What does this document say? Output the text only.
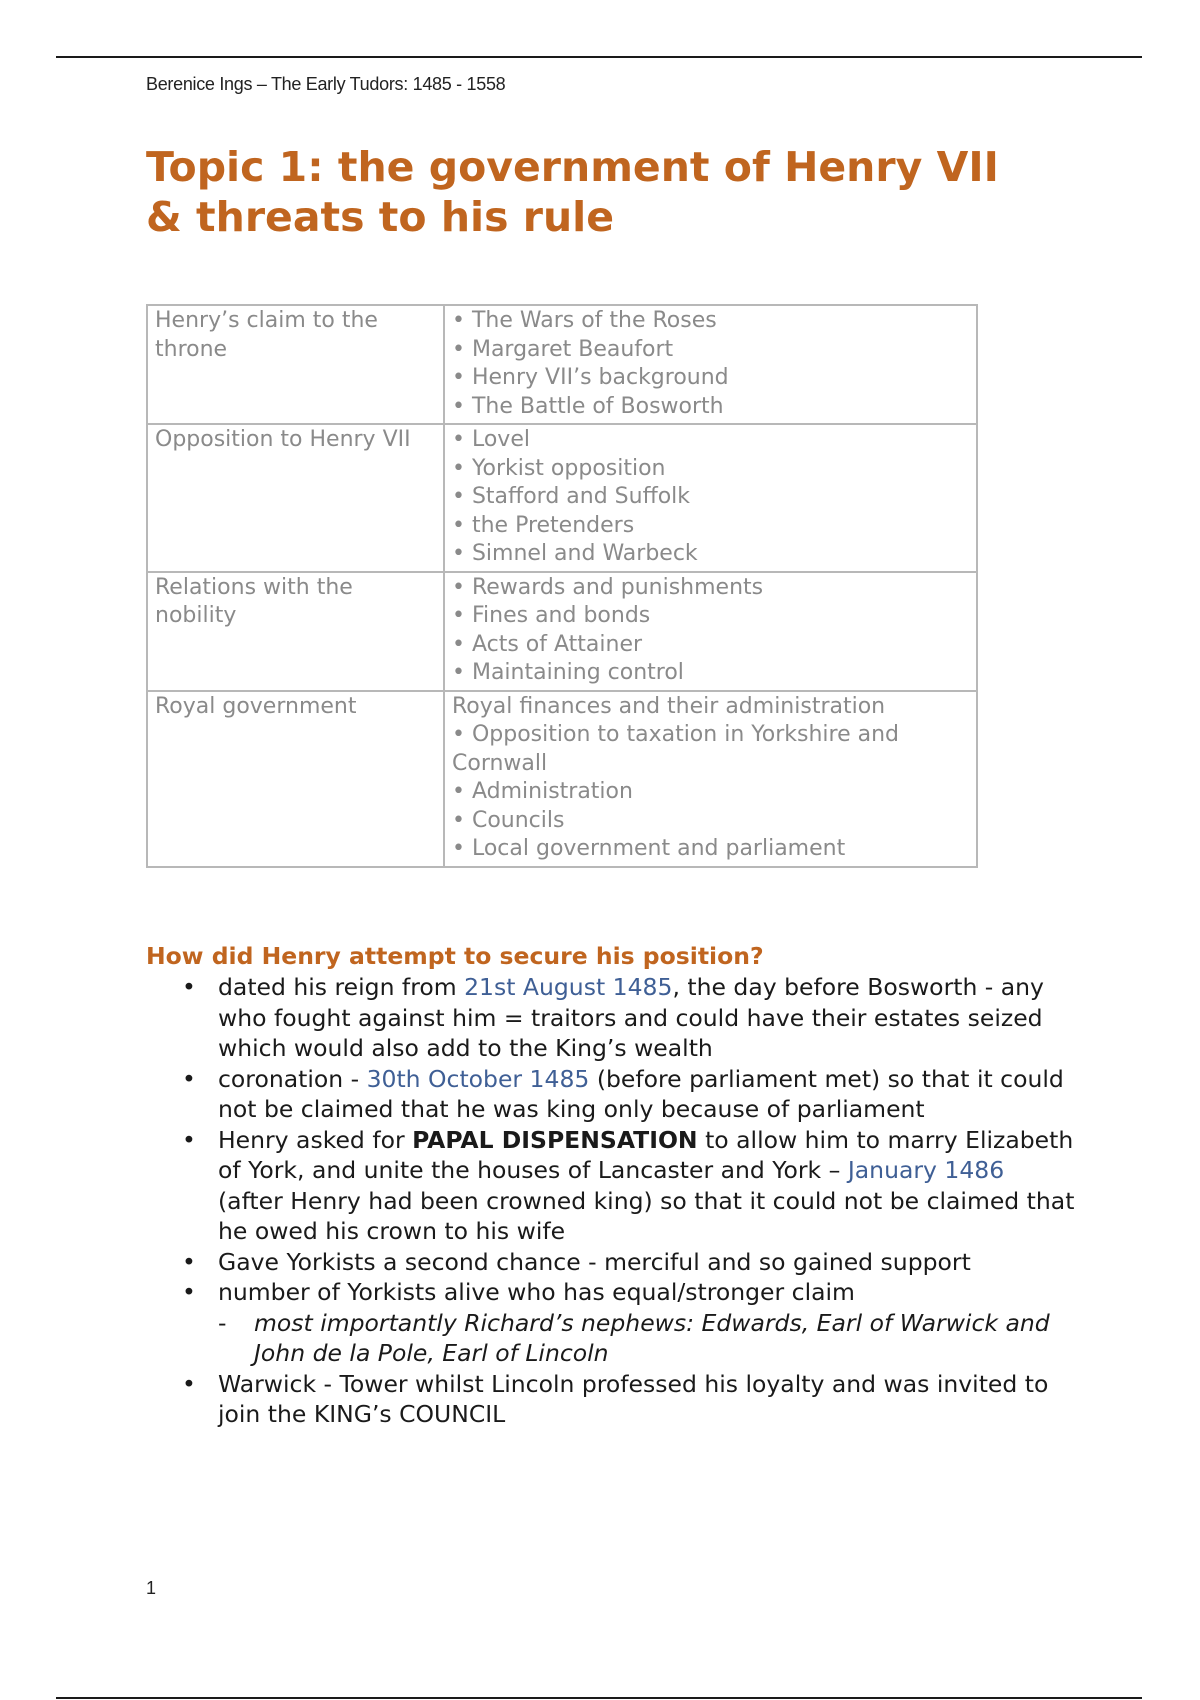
Berenice Ings – The Early Tudors: 1485 - 1558
Topic 1: the government of Henry VII
& threats to his rule
Henry’s claim to the
throne	• The Wars of the Roses
• Margaret Beaufort
• Henry VII’s background
• The Battle of Bosworth

Opposition to Henry VII	• Lovel
• Yorkist opposition
• Stafford and Suffolk
• the Pretenders
• Simnel and Warbeck

Relations with the
nobility	• Rewards and punishments
• Fines and bonds
• Acts of Attainer
• Maintaining control

Royal government	Royal finances and their administration
• Opposition to taxation in Yorkshire and
Cornwall
• Administration
• Councils
• Local government and parliament
How did Henry attempt to secure his position?
• dated his reign from 21st August 1485, the day before Bosworth - any who fought against him = traitors and could have their estates seized which would also add to the King’s wealth
• coronation - 30th October 1485 (before parliament met) so that it could not be claimed that he was king only because of parliament
• Henry asked for PAPAL DISPENSATION to allow him to marry Elizabeth of York, and unite the houses of Lancaster and York – January 1486 (after Henry had been crowned king) so that it could not be claimed that he owed his crown to his wife
• Gave Yorkists a second chance - merciful and so gained support
• number of Yorkists alive who has equal/stronger claim
- most importantly Richard’s nephews: Edwards, Earl of Warwick and John de la Pole, Earl of Lincoln
• Warwick - Tower whilst Lincoln professed his loyalty and was invited to join the KING’s COUNCIL
1
